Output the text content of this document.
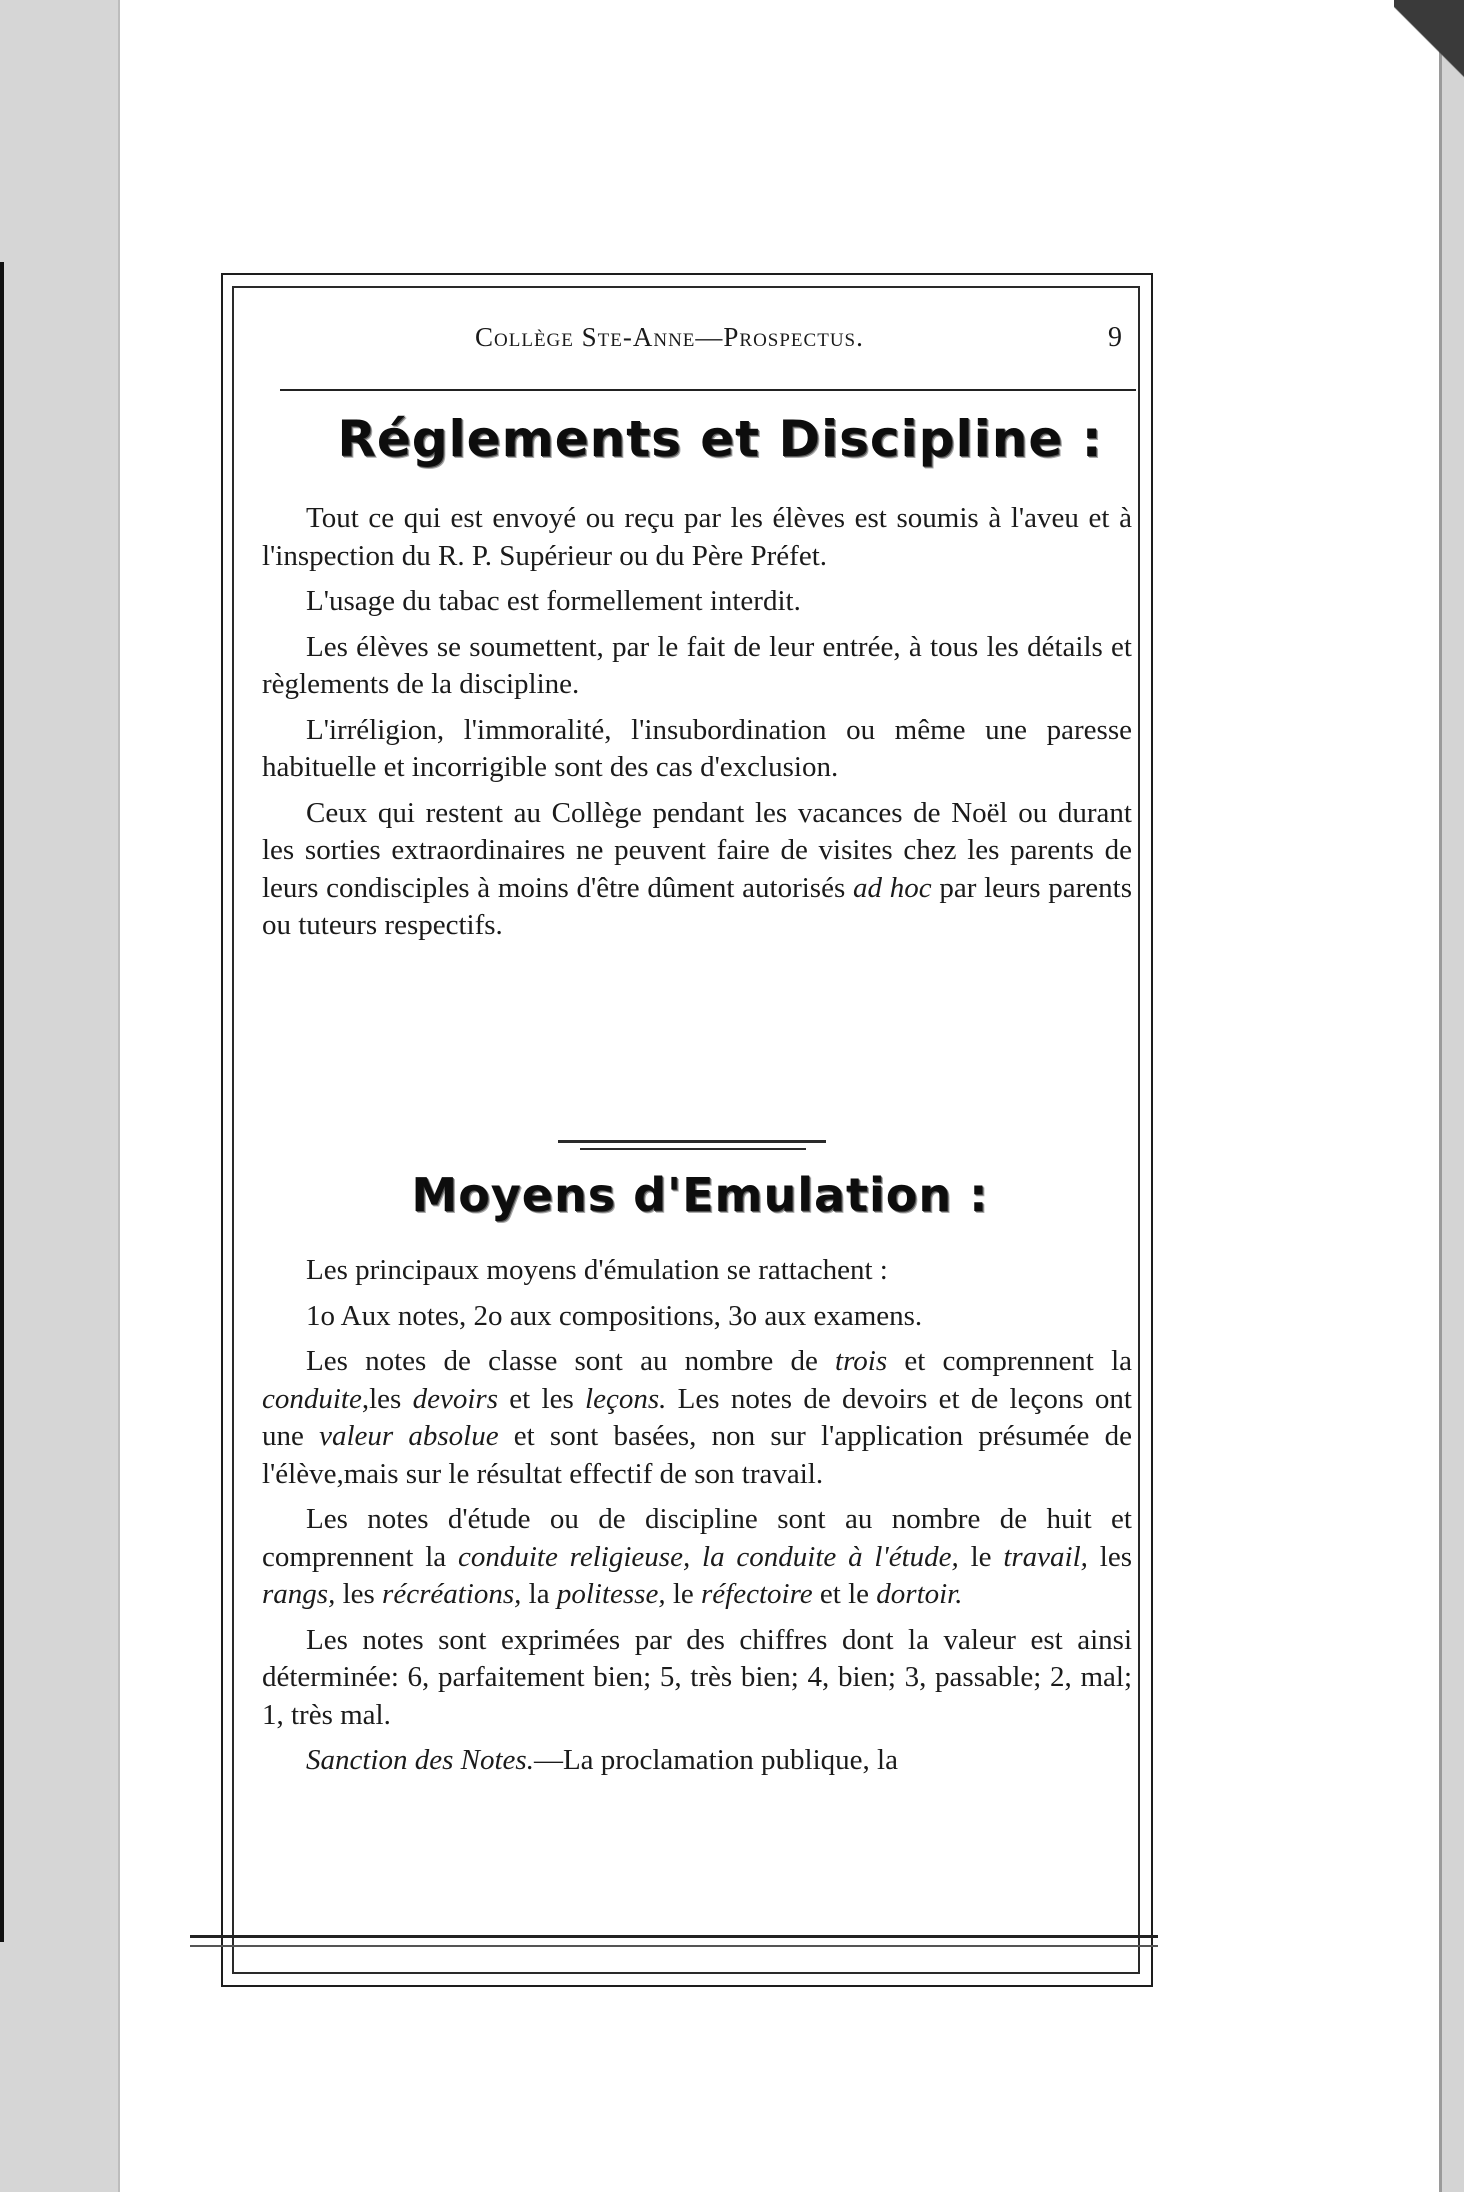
Collège Ste-Anne—Prospectus.	9
Réglements et Discipline :

Tout ce qui est envoyé ou reçu par les élèves est soumis à l'aveu et à l'inspection du R. P. Supérieur ou du Père Préfet.

L'usage du tabac est formellement interdit.

Les élèves se soumettent, par le fait de leur entrée, à tous les détails et règlements de la discipline.

L'irréligion, l'immoralité, l'insubordination ou même une paresse habituelle et incorrigible sont des cas d'exclusion.

Ceux qui restent au Collège pendant les vacances de Noël ou durant les sorties extraordinaires ne peuvent faire de visites chez les parents de leurs condisciples à moins d'être dûment autorisés ad hoc par leurs parents ou tuteurs respectifs.

Moyens d'Emulation :

Les principaux moyens d'émulation se rattachent :

1o Aux notes, 2o aux compositions, 3o aux examens.

Les notes de classe sont au nombre de trois et comprennent la conduite,les devoirs et les leçons. Les notes de devoirs et de leçons ont une valeur absolue et sont basées, non sur l'application présumée de l'élève,mais sur le résultat effectif de son travail.

Les notes d'étude ou de discipline sont au nombre de huit et comprennent la conduite religieuse, la conduite à l'étude, le travail, les rangs, les récréations, la politesse, le réfectoire et le dortoir.

Les notes sont exprimées par des chiffres dont la valeur est ainsi déterminée: 6, parfaitement bien; 5, très bien; 4, bien; 3, passable; 2, mal; 1, très mal.

Sanction des Notes.—La proclamation publique, la
